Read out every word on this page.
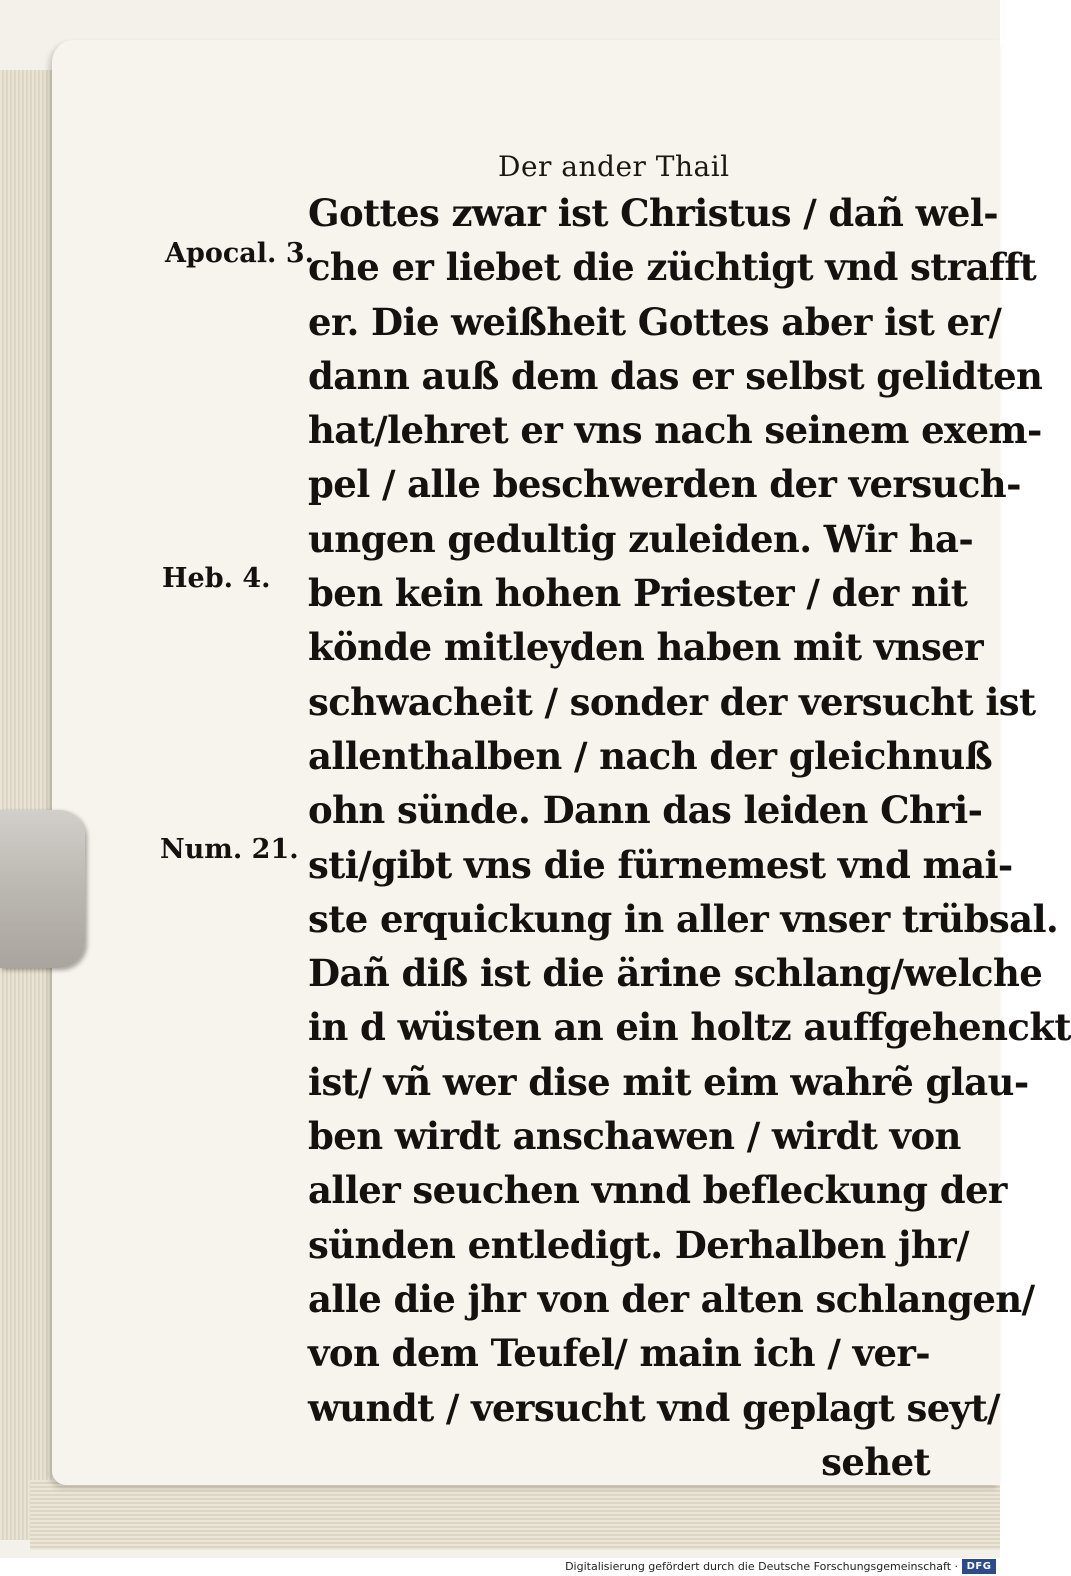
Der ander Thail
Apocal. 3.
Heb. 4.
Num. 21.
Gottes zwar ist Christus / dañ wel-
che er liebet die züchtigt vnd strafft
er. Die weißheit Gottes aber ist er/
dann auß dem das er selbst gelidten
hat/lehret er vns nach seinem exem-
pel / alle beschwerden der versuch-
ungen gedultig zuleiden. Wir ha-
ben kein hohen Priester / der nit
könde mitleyden haben mit vnser
schwacheit / sonder der versucht ist
allenthalben / nach der gleichnuß
ohn sünde. Dann das leiden Chri-
sti/gibt vns die fürnemest vnd mai-
ste erquickung in aller vnser trübsal.
Dañ diß ist die ärine schlang/welche
in d wüsten an ein holtz auffgehenckt
ist/ vñ wer dise mit eim wahrẽ glau-
ben wirdt anschawen / wirdt von
aller seuchen vnnd befleckung der
sünden entledigt. Derhalben jhr/
alle die jhr von der alten schlangen/
von dem Teufel/ main ich / ver-
wundt / versucht vnd geplagt seyt/
sehet
Digitalisierung gefördert durch die Deutsche Forschungsgemeinschaft · DFG
